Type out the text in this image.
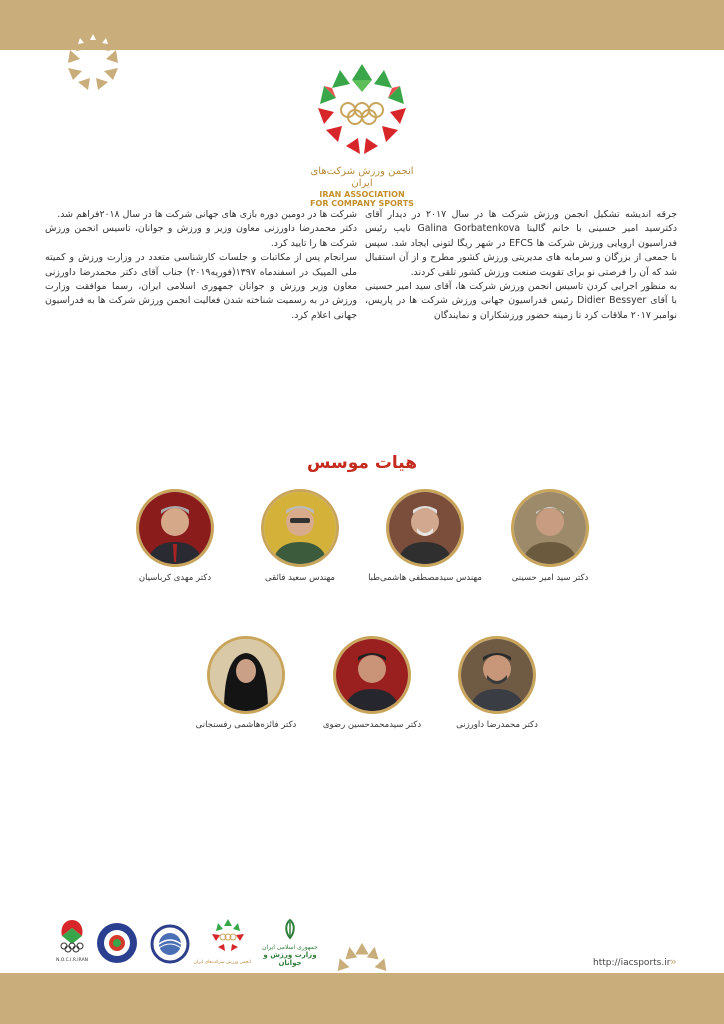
انجمن ورزش شرکت‌های ایران
IRAN ASSOCIATION
FOR COMPANY SPORTS

جرقه اندیشه تشکیل انجمن ورزش شرکت ها در سال ۲۰۱۷ در دیدار آقای دکترسید امیر حسینی با خانم گالینا Galina Gorbatenkova نایب رئیس فدراسیون اروپایی ورزش شرکت ها EFCS در شهر ریگا لتونی ایجاد شد. سپس با جمعی از بزرگان و سرمایه های مدیریتی ورزش کشور مطرح و از آن استقبال شد که آن را فرصتی نو برای تقویت صنعت ورزش کشور تلقی کردند.

به منظور اجرایی کردن تاسیس انجمن ورزش شرکت ها، آقای سید امیر حسینی با آقای Didier Bessyer رئیس فدراسیون جهانی ورزش شرکت ها در پاریس، نوامبر ۲۰۱۷ ملاقات کرد تا زمینه حضور ورزشکاران و نمایندگان

شرکت ها در دومین دوره بازی های جهانی شرکت ها در سال ۲۰۱۸فراهم شد.

دکتر محمدرضا داورزنی معاون وزیر و ورزش و جوانان، تاسیس انجمن ورزش شرکت ها را تایید کرد.

سرانجام پس از مکاتبات و جلسات کارشناسی متعدد در وزارت ورزش و کمیته ملی المپیک در اسفندماه ۱۳۹۷(فوریه۲۰۱۹) جناب آقای دکتر محمدرضا داورزنی معاون وزیر ورزش و جوانان جمهوری اسلامی ایران، رسما موافقت وزارت ورزش در به رسمیت شناخته شدن فعالیت انجمن ورزش شرکت ها به فدراسیون جهانی اعلام کرد.

هیات موسس
دکتر سید امیر حسینی
مهندس سیدمصطفی هاشمی‌طبا
مهندس سعید فائقی
دکتر مهدی کرباسیان
دکتر محمدرضا داورزنی
دکتر سیدمحمدحسین رضوی
دکتر فائزه‌هاشمی رفسنجانی
جمهوری اسلامی ایران
وزارت ورزش و جوانان
انجمن ورزش شرکت‌های ایران
N.O.C.I.R.IRAN	http://iacsports.ir »
